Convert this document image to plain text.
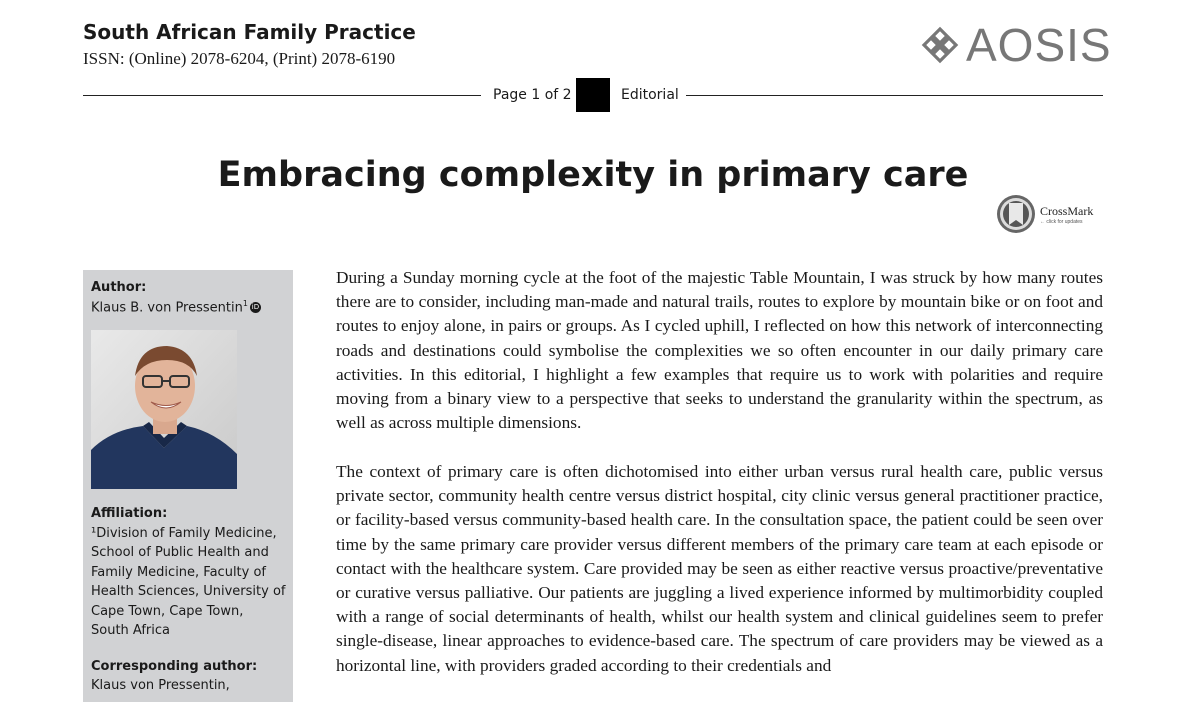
South African Family Practice
ISSN: (Online) 2078-6204, (Print) 2078-6190	AOSIS
Page 1 of 2	Editorial
Embracing complexity in primary care
CrossMark
← click for updates
Author:
Klaus B. von Pressentin$^1$ iD
Affiliation:
¹Division of Family Medicine,
School of Public Health and
Family Medicine, Faculty of
Health Sciences, University of
Cape Town, Cape Town,
South Africa
Corresponding author:
Klaus von Pressentin,

During a Sunday morning cycle at the foot of the majestic Table Mountain, I was struck by how many routes there are to consider, including man-made and natural trails, routes to explore by mountain bike or on foot and routes to enjoy alone, in pairs or groups. As I cycled uphill, I reflected on how this network of interconnecting roads and destinations could symbolise the complexities we so often encounter in our daily primary care activities. In this editorial, I highlight a few examples that require us to work with polarities and require moving from a binary view to a perspective that seeks to understand the granularity within the spectrum, as well as across multiple dimensions.

The context of primary care is often dichotomised into either urban versus rural health care, public versus private sector, community health centre versus district hospital, city clinic versus general practitioner practice, or facility-based versus community-based health care. In the consultation space, the patient could be seen over time by the same primary care provider versus different members of the primary care team at each episode or contact with the healthcare system. Care provided may be seen as either reactive versus proactive/preventative or curative versus palliative. Our patients are juggling a lived experience informed by multimorbidity coupled with a range of social determinants of health, whilst our health system and clinical guidelines seem to prefer single-disease, linear approaches to evidence-based care. The spectrum of care providers may be viewed as a horizontal line, with providers graded according to their credentials and
